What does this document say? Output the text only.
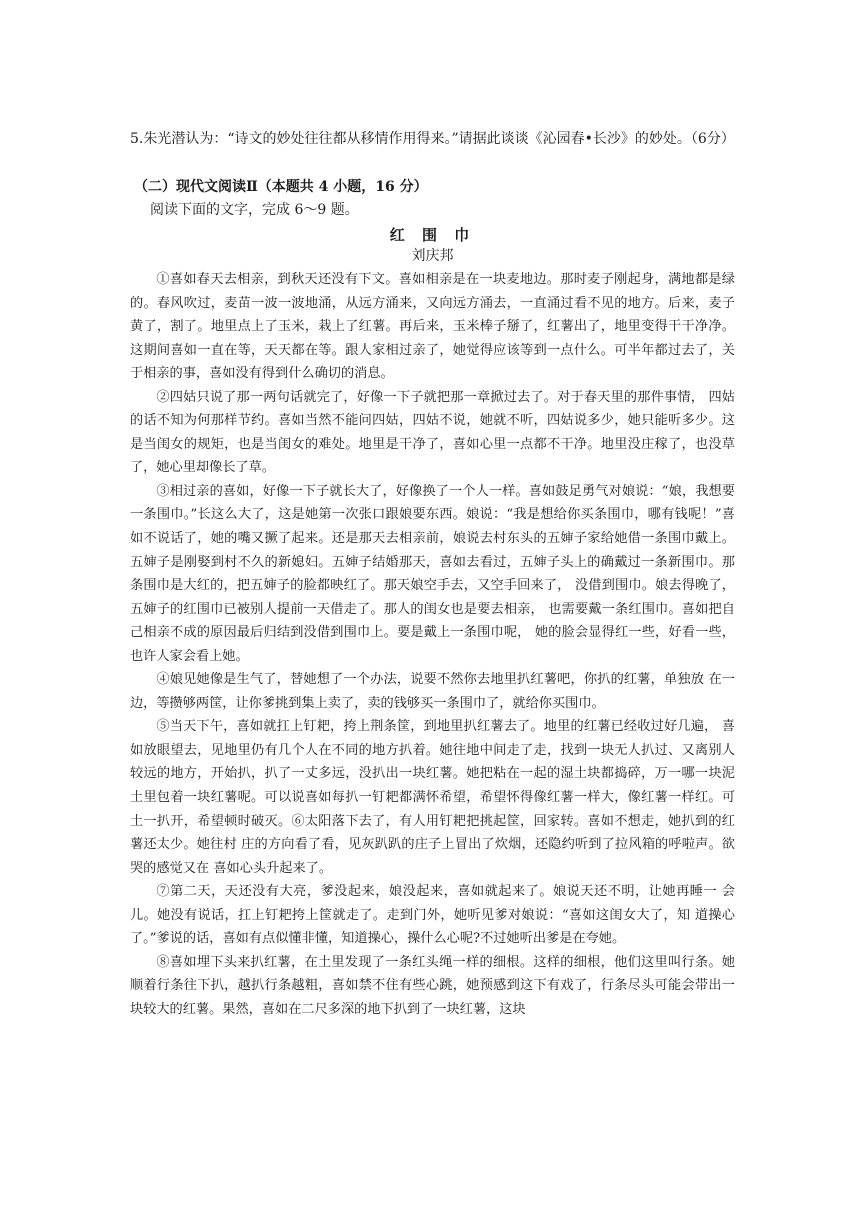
5.朱光潜认为：“诗文的妙处往往都从移情作用得来。”请据此谈谈《沁园春•长沙》的妙处。（6分）

（二）现代文阅读Ⅱ（本题共 4 小题，16 分）

阅读下面的文字，完成 6～9 题。

红 围 巾
刘庆邦

①喜如春天去相亲，到秋天还没有下文。喜如相亲是在一块麦地边。那时麦子刚起身，满地都是绿的。春风吹过，麦苗一波一波地涌，从远方涌来，又向远方涌去，一直涌过看不见的地方。后来，麦子黄了，割了。地里点上了玉米，栽上了红薯。再后来，玉米棒子掰了，红薯出了，地里变得干干净净。这期间喜如一直在等，天天都在等。跟人家相过亲了，她觉得应该等到一点什么。可半年都过去了，关于相亲的事，喜如没有得到什么确切的消息。

②四姑只说了那一两句话就完了，好像一下子就把那一章掀过去了。对于春天里的那件事情， 四姑的话不知为何那样节约。喜如当然不能问四姑，四姑不说，她就不听，四姑说多少，她只能听多少。这是当闺女的规矩，也是当闺女的难处。地里是干净了，喜如心里一点都不干净。地里没庄稼了，也没草了，她心里却像长了草。

③相过亲的喜如，好像一下子就长大了，好像换了一个人一样。喜如鼓足勇气对娘说：“娘，我想要一条围巾。”长这么大了，这是她第一次张口跟娘要东西。娘说：“我是想给你买条围巾，哪有钱呢！”喜如不说话了，她的嘴又撅了起来。还是那天去相亲前，娘说去村东头的五婶子家给她借一条围巾戴上。五婶子是刚娶到村不久的新媳妇。五婶子结婚那天，喜如去看过，五婶子头上的确戴过一条新围巾。那条围巾是大红的，把五婶子的脸都映红了。那天娘空手去，又空手回来了， 没借到围巾。娘去得晚了，五婶子的红围巾已被别人提前一天借走了。那人的闺女也是要去相亲， 也需要戴一条红围巾。喜如把自己相亲不成的原因最后归结到没借到围巾上。要是戴上一条围巾呢， 她的脸会显得红一些，好看一些，也许人家会看上她。

④娘见她像是生气了，替她想了一个办法，说要不然你去地里扒红薯吧，你扒的红薯，单独放 在一边，等攒够两筐，让你爹挑到集上卖了，卖的钱够买一条围巾了，就给你买围巾。

⑤当天下午，喜如就扛上钉耙，挎上荆条筐，到地里扒红薯去了。地里的红薯已经收过好几遍， 喜如放眼望去，见地里仍有几个人在不同的地方扒着。她往地中间走了走，找到一块无人扒过、又离别人较远的地方，开始扒，扒了一丈多远，没扒出一块红薯。她把粘在一起的湿土块都捣碎，万一哪一块泥土里包着一块红薯呢。可以说喜如每扒一钉耙都满怀希望，希望怀得像红薯一样大，像红薯一样红。可土一扒开，希望顿时破灭。⑥太阳落下去了，有人用钉耙把挑起筐，回家转。喜如不想走，她扒到的红薯还太少。她往村 庄的方向看了看，见灰趴趴的庄子上冒出了炊烟，还隐约听到了拉风箱的呼啦声。欲哭的感觉又在 喜如心头升起来了。

⑦第二天，天还没有大亮，爹没起来，娘没起来，喜如就起来了。娘说天还不明，让她再睡一 会儿。她没有说话，扛上钉耙挎上筐就走了。走到门外，她听见爹对娘说：“喜如这闺女大了，知 道操心了。”爹说的话，喜如有点似懂非懂，知道操心，操什么心呢?不过她听出爹是在夸她。

⑧喜如埋下头来扒红薯，在土里发现了一条红头绳一样的细根。这样的细根，他们这里叫行条。她顺着行条往下扒，越扒行条越粗，喜如禁不住有些心跳，她预感到这下有戏了，行条尽头可能会带出一块较大的红薯。果然，喜如在二尺多深的地下扒到了一块红薯，这块
